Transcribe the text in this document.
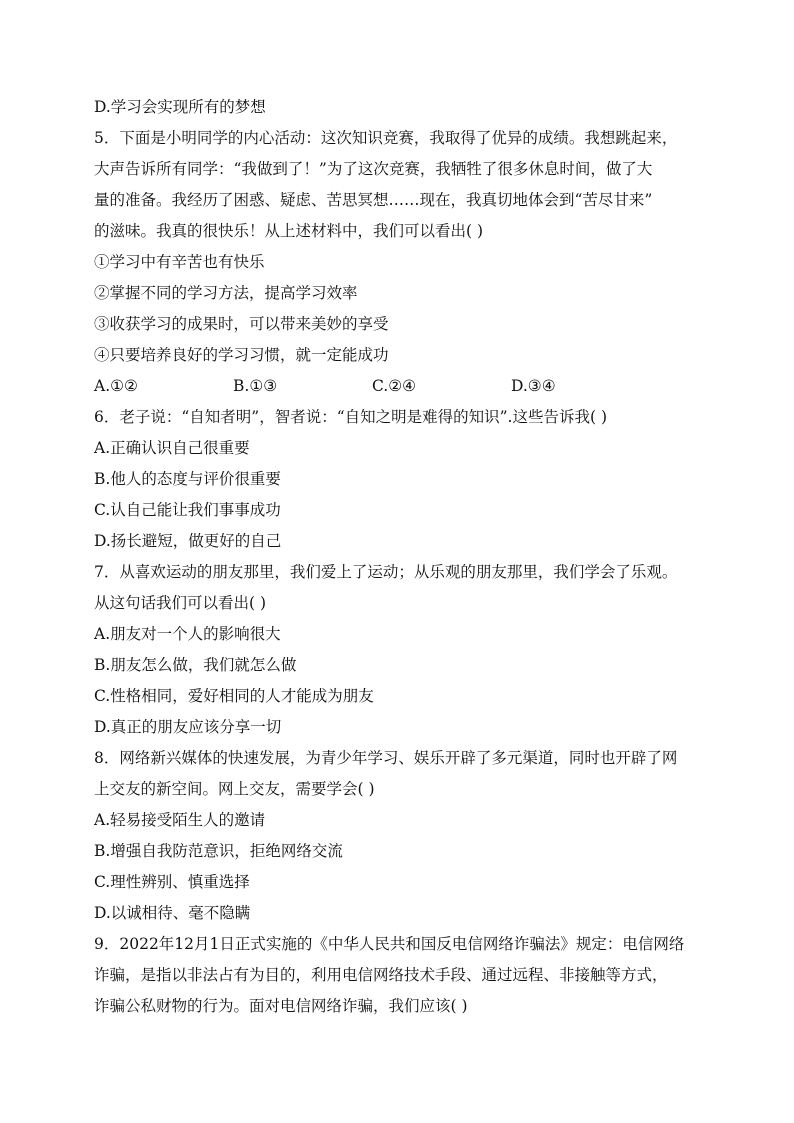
D.学习会实现所有的梦想
5．下面是小明同学的内心活动：这次知识竞赛，我取得了优异的成绩。我想跳起来，
大声告诉所有同学：“我做到了！”为了这次竞赛，我牺牲了很多休息时间，做了大
量的准备。我经历了困惑、疑虑、苦思冥想……现在，我真切地体会到“苦尽甘来”
的滋味。我真的很快乐！从上述材料中，我们可以看出( )
①学习中有辛苦也有快乐
②掌握不同的学习方法，提高学习效率
③收获学习的成果时，可以带来美妙的享受
④只要培养良好的学习习惯，就一定能成功
A.①②	B.①③	C.②④	D.③④
6．老子说：“自知者明”，智者说：“自知之明是难得的知识”.这些告诉我( )
A.正确认识自己很重要
B.他人的态度与评价很重要
C.认自己能让我们事事成功
D.扬长避短，做更好的自己
7．从喜欢运动的朋友那里，我们爱上了运动；从乐观的朋友那里，我们学会了乐观。
从这句话我们可以看出( )
A.朋友对一个人的影响很大
B.朋友怎么做，我们就怎么做
C.性格相同，爱好相同的人才能成为朋友
D.真正的朋友应该分享一切
8．网络新兴媒体的快速发展，为青少年学习、娱乐开辟了多元渠道，同时也开辟了网
上交友的新空间。网上交友，需要学会( )
A.轻易接受陌生人的邀请
B.增强自我防范意识，拒绝网络交流
C.理性辨别、慎重选择
D.以诚相待、毫不隐瞒
9．2022年12月1日正式实施的《中华人民共和国反电信网络诈骗法》规定：电信网络
诈骗，是指以非法占有为目的，利用电信网络技术手段、通过远程、非接触等方式，
诈骗公私财物的行为。面对电信网络诈骗，我们应该( )
